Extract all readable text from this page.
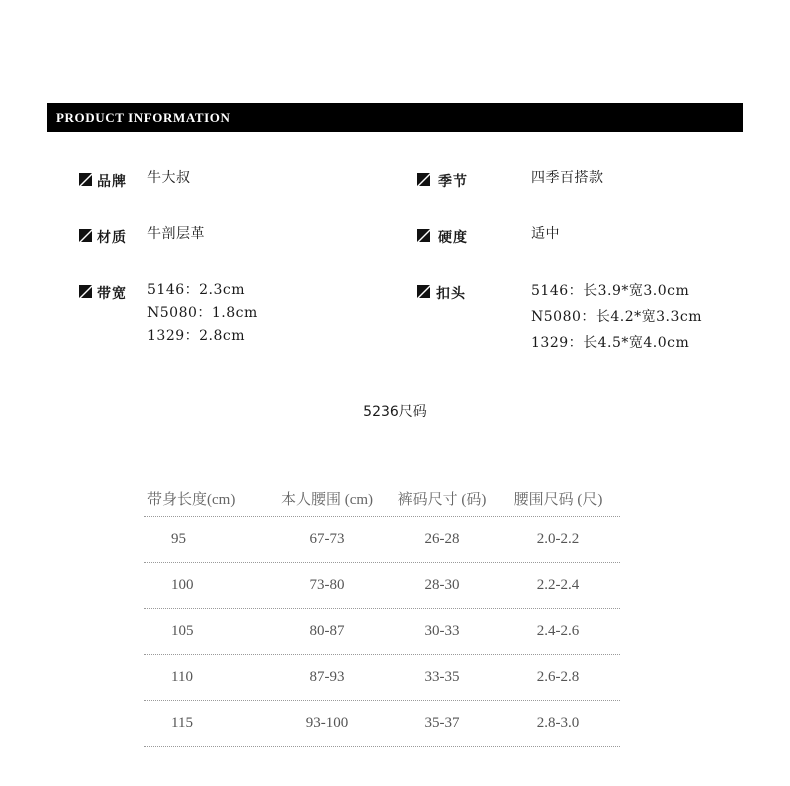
PRODUCT INFORMATION
品牌	牛大叔
材质	牛剖层革
带宽	5146：2.3cm
N5080：1.8cm
1329：2.8cm
季节	四季百搭款
硬度	适中
扣头	5146：长3.9*宽3.0cm
N5080：长4.2*宽3.3cm
1329：长4.5*宽4.0cm
5236尺码
带身长度(cm)	本人腰围 (cm)	裤码尺寸 (码)	腰围尺码 (尺)
95	67-73	26-28	2.0-2.2
100	73-80	28-30	2.2-2.4
105	80-87	30-33	2.4-2.6
110	87-93	33-35	2.6-2.8
115	93-100	35-37	2.8-3.0
